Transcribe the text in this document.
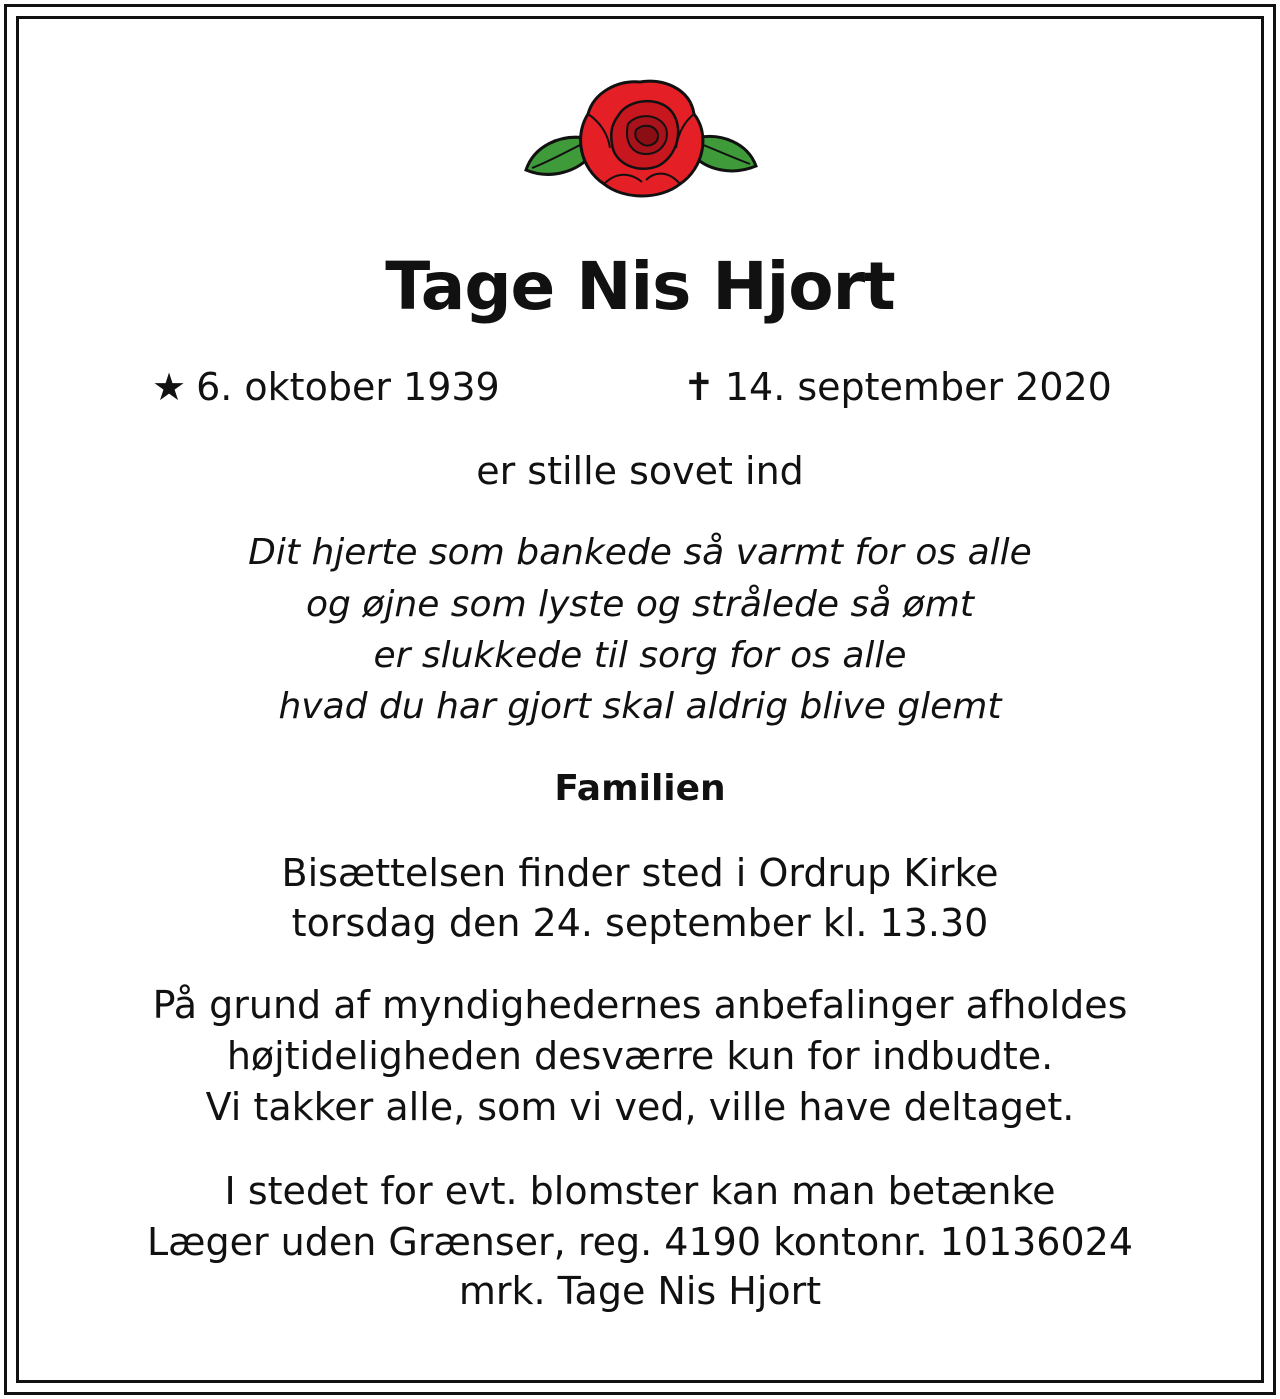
Tage Nis Hjort
★ 6. oktober 1939	✝ 14. september 2020
er stille sovet ind
Dit hjerte som bankede så varmt for os alle
og øjne som lyste og strålede så ømt
er slukkede til sorg for os alle
hvad du har gjort skal aldrig blive glemt
Familien
Bisættelsen finder sted i Ordrup Kirke
torsdag den 24. september kl. 13.30
På grund af myndighedernes anbefalinger afholdes
højtideligheden desværre kun for indbudte.
Vi takker alle, som vi ved, ville have deltaget.
I stedet for evt. blomster kan man betænke
Læger uden Grænser, reg. 4190 kontonr. 10136024
mrk. Tage Nis Hjort
